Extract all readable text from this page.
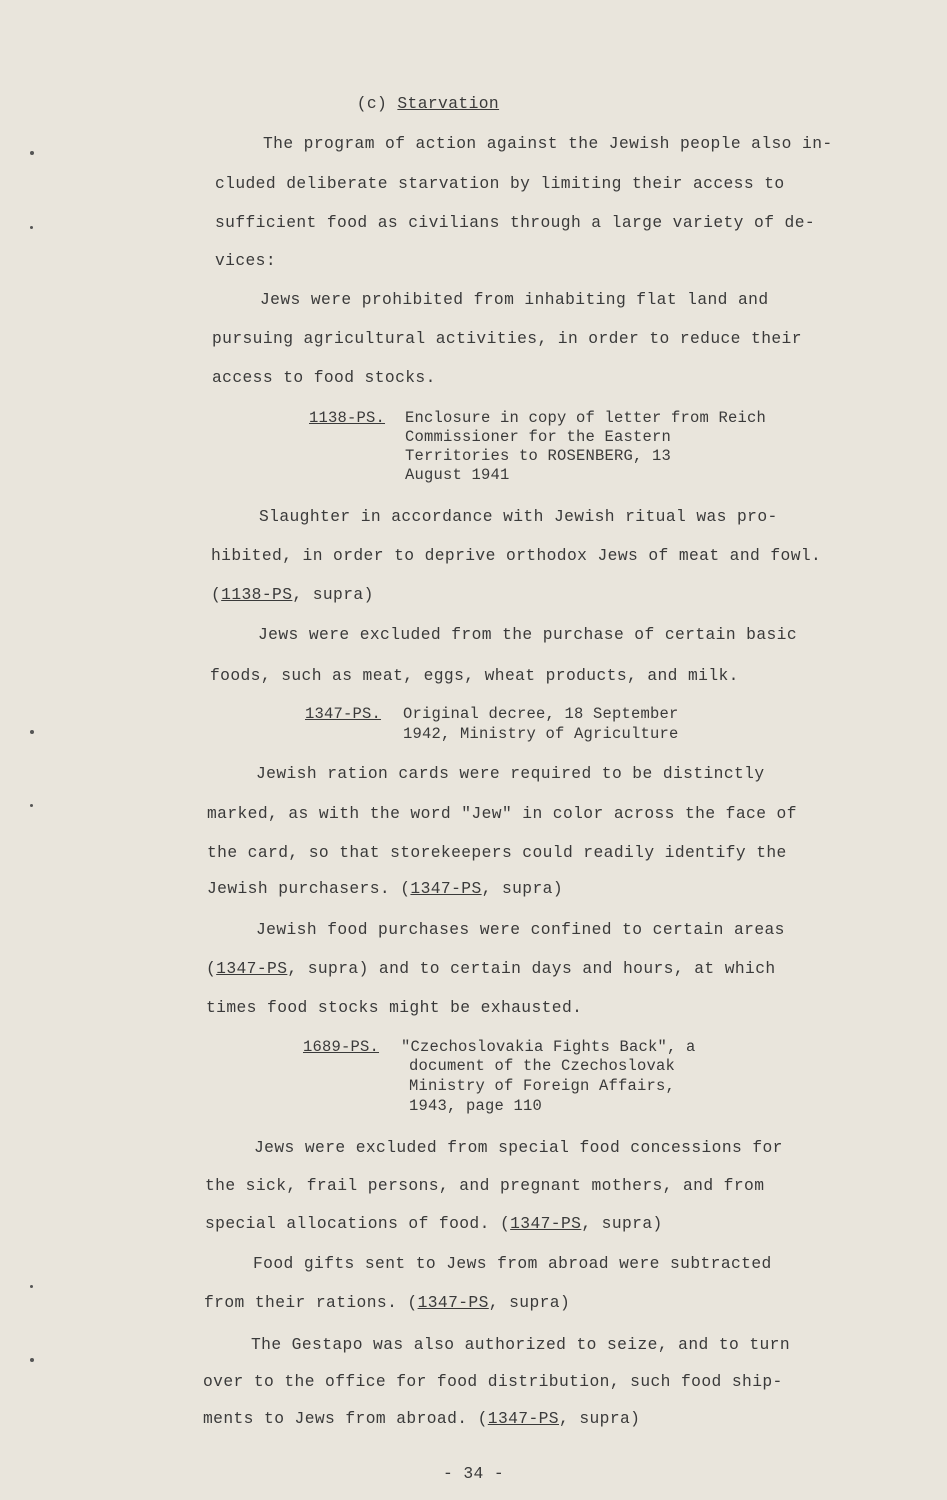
(c) Starvation

The program of action against the Jewish people also in-
cluded deliberate starvation by limiting their access to
sufficient food as civilians through a large variety of de-
vices:
Jews were prohibited from inhabiting flat land and
pursuing agricultural activities, in order to reduce their
access to food stocks.
1138-PS. Enclosure in copy of letter from Reich
Commissioner for the Eastern
Territories to ROSENBERG, 13
August 1941
Slaughter in accordance with Jewish ritual was pro-
hibited, in order to deprive orthodox Jews of meat and fowl.
(1138-PS, supra)
Jews were excluded from the purchase of certain basic
foods, such as meat, eggs, wheat products, and milk.
1347-PS. Original decree, 18 September
1942, Ministry of Agriculture
Jewish ration cards were required to be distinctly
marked, as with the word "Jew" in color across the face of
the card, so that storekeepers could readily identify the
Jewish purchasers. (1347-PS, supra)
Jewish food purchases were confined to certain areas
(1347-PS, supra) and to certain days and hours, at which
times food stocks might be exhausted.
1689-PS. "Czechoslovakia Fights Back", a
document of the Czechoslovak
Ministry of Foreign Affairs,
1943, page 110
Jews were excluded from special food concessions for
the sick, frail persons, and pregnant mothers, and from
special allocations of food. (1347-PS, supra)
Food gifts sent to Jews from abroad were subtracted
from their rations. (1347-PS, supra)
The Gestapo was also authorized to seize, and to turn
over to the office for food distribution, such food ship-
ments to Jews from abroad. (1347-PS, supra)
- 34 -
